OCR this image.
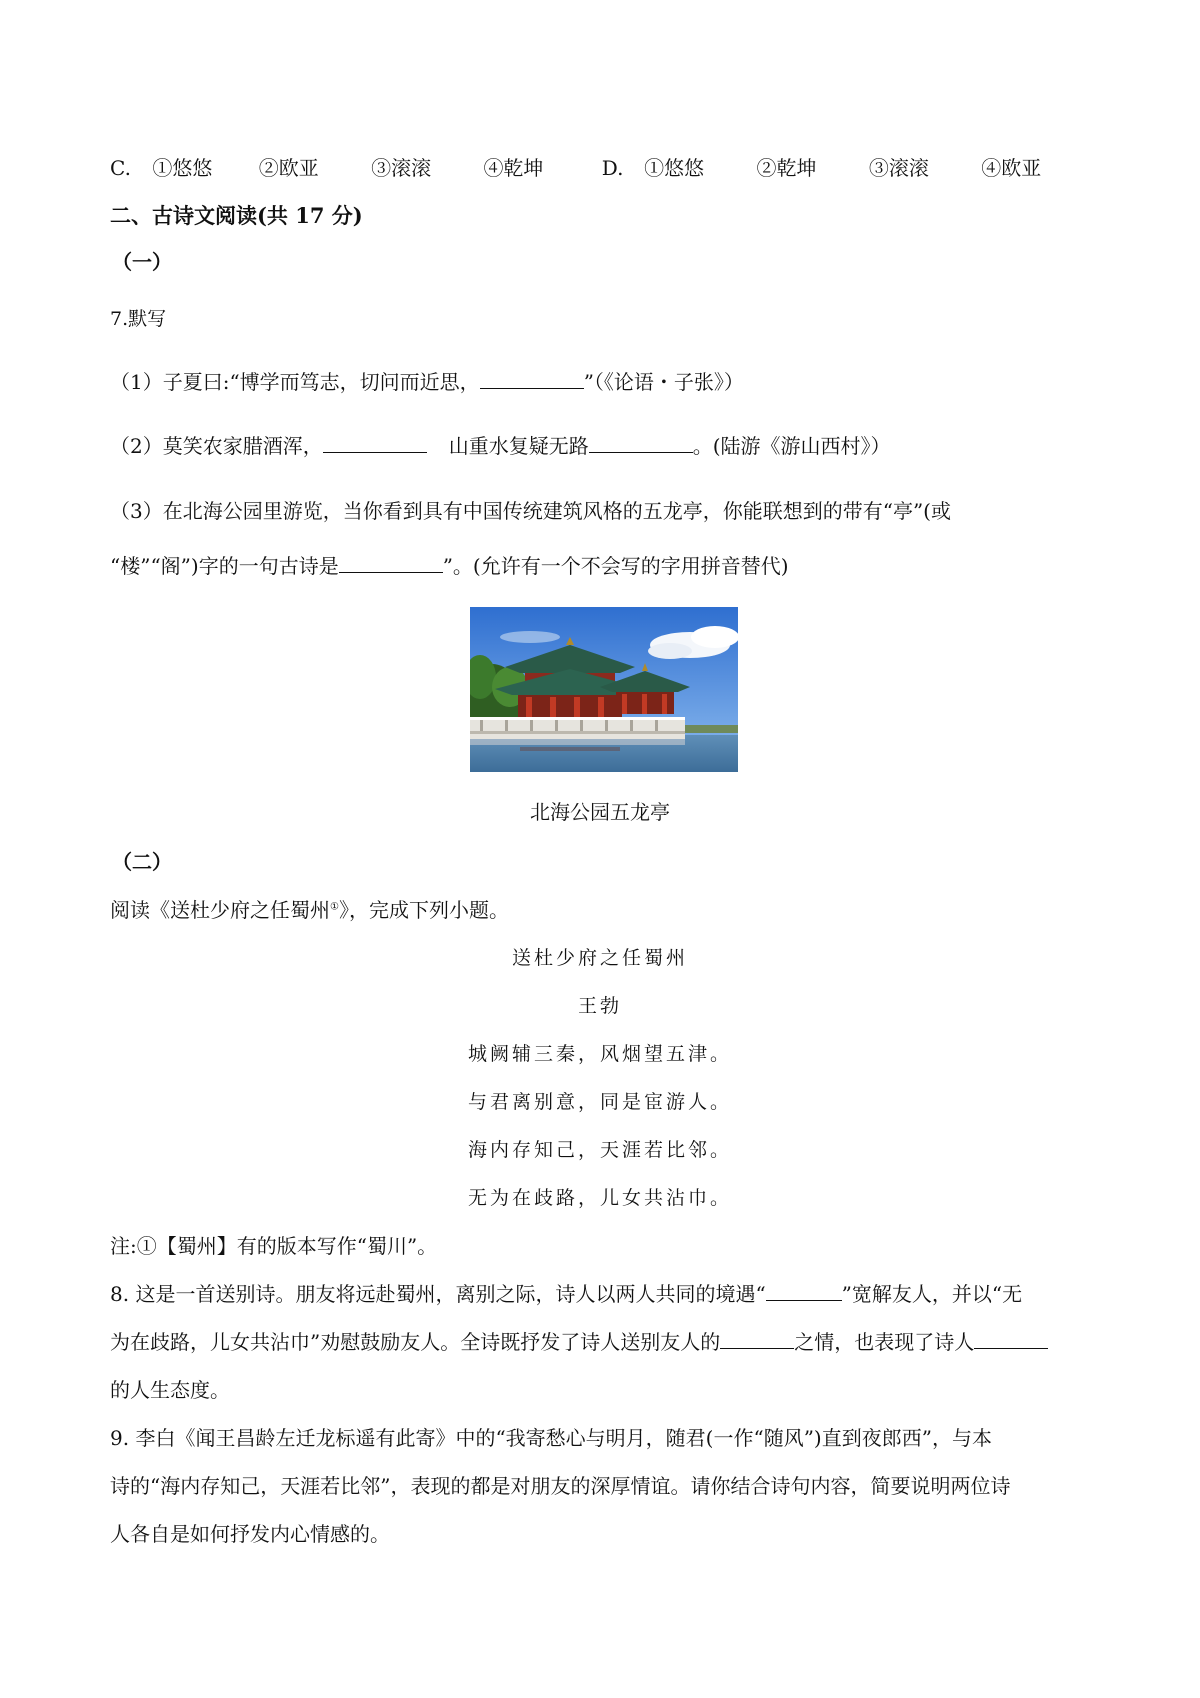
C. ①悠悠 ②欧亚	③滚滚	④乾坤	D. ①悠悠	②乾坤	③滚滚	④欧亚
二、古诗文阅读(共 17 分)
（一）
7.默写
（1）子夏曰:“博学而笃志，切问而近思，	”（《论语・子张》）
（2）莫笑农家腊酒浑，	山重水复疑无路	。(陆游《游山西村》）
（3）在北海公园里游览，当你看到具有中国传统建筑风格的五龙亭，你能联想到的带有“亭”(或
“楼”“阁”)字的一句古诗是	”。(允许有一个不会写的字用拼音替代)
北海公园五龙亭
（二）
阅读《送杜少府之任蜀州①》，完成下列小题。
送杜少府之任蜀州
王勃
城阙辅三秦，风烟望五津。
与君离别意，同是宦游人。
海内存知己，天涯若比邻。
无为在歧路，儿女共沾巾。
注:①【蜀州】有的版本写作“蜀川”。
8. 这是一首送别诗。朋友将远赴蜀州，离别之际，诗人以两人共同的境遇“	”宽解友人，并以“无
为在歧路，儿女共沾巾”劝慰鼓励友人。全诗既抒发了诗人送别友人的	之情，也表现了诗人
的人生态度。
9. 李白《闻王昌龄左迁龙标遥有此寄》中的“我寄愁心与明月，随君(一作“随风”)直到夜郎西”，与本
诗的“海内存知己，天涯若比邻”，表现的都是对朋友的深厚情谊。请你结合诗句内容，简要说明两位诗
人各自是如何抒发内心情感的。
